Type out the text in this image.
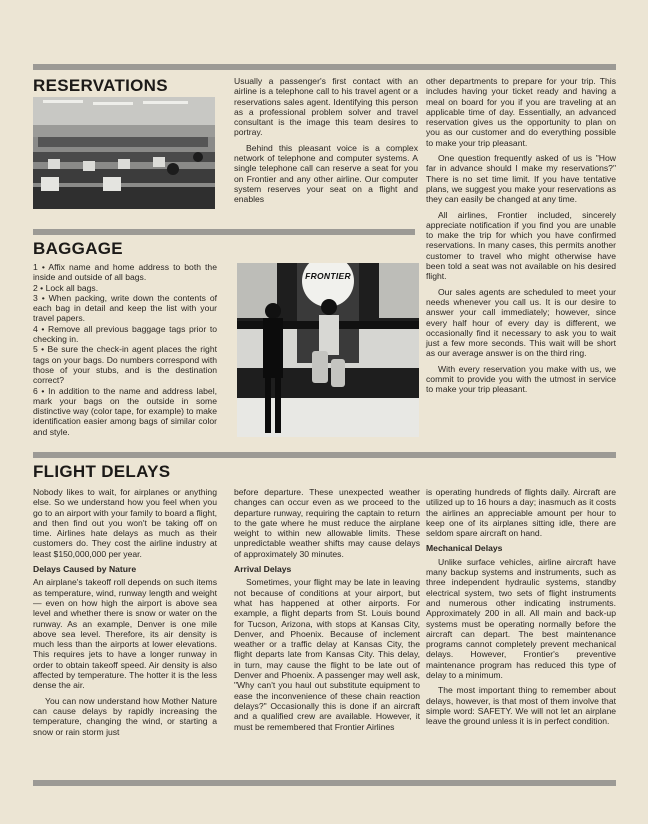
RESERVATIONS	Usually a passenger's first contact with an airline is a telephone call to his travel agent or a reservations sales agent. Identifying this person as a professional problem solver and travel consultant is the image this team desires to portray.

Behind this pleasant voice is a complex network of telephone and computer systems. A single telephone call can reserve a seat for you on Frontier and any other airline. Our computer system reserves your seat on a flight and enables

other departments to prepare for your trip. This includes having your ticket ready and having a meal on board for you if you are traveling at an applicable time of day. Essentially, an advanced reservation gives us the opportunity to plan on you as our customer and do everything possible to make your trip pleasant.

One question frequently asked of us is "How far in advance should I make my reservations?" There is no set time limit. If you have tentative plans, we suggest you make your reservations as they can easily be changed at any time.

All airlines, Frontier included, sincerely appreciate notification if you find you are unable to make the trip for which you have confirmed reservations. In many cases, this permits another customer to travel who might otherwise have been told a seat was not available on his desired flight.

Our sales agents are scheduled to meet your needs whenever you call us. It is our desire to answer your call immediately; however, since every half hour of every day is different, we occasionally find it necessary to ask you to wait just a few more seconds. This wait will be short as our average answer is on the third ring.

With every reservation you make with us, we commit to provide you with the utmost in service to make your trip pleasant.

BAGGAGE
1 • Affix name and home address to both the inside and outside of all bags.
2 • Lock all bags.
3 • When packing, write down the contents of each bag in detail and keep the list with your travel papers.
4 • Remove all previous baggage tags prior to checking in.
5 • Be sure the check-in agent places the right tags on your bags. Do numbers correspond with those of your stubs, and is the destination correct?
6 • In addition to the name and address label, mark your bags on the outside in some distinctive way (color tape, for example) to make identification easier among bags of similar color and style.
FRONTIER
FLIGHT DELAYS

Nobody likes to wait, for airplanes or anything else. So we understand how you feel when you go to an airport with your family to board a flight, and then find out you won't be taking off on time. Airlines hate delays as much as their customers do. They cost the airline industry at least $150,000,000 per year.

Delays Caused by Nature

An airplane's takeoff roll depends on such items as temperature, wind, runway length and weight — even on how high the airport is above sea level and whether there is snow or water on the runway. As an example, Denver is one mile above sea level. Therefore, its air density is much less than the airports at lower elevations. This requires jets to have a longer runway in order to obtain takeoff speed. Air density is also affected by temperature. The hotter it is the less dense the air.

You can now understand how Mother Nature can cause delays by rapidly increasing the temperature, changing the wind, or starting a snow or rain storm just

before departure. These unexpected weather changes can occur even as we proceed to the departure runway, requiring the captain to return to the gate where he must reduce the airplane weight to within new allowable limits. These unpredictable weather shifts may cause delays of approximately 30 minutes.

Arrival Delays

Sometimes, your flight may be late in leaving not because of conditions at your airport, but what has happened at other airports. For example, a flight departs from St. Louis bound for Tucson, Arizona, with stops at Kansas City, Denver, and Phoenix. Because of inclement weather or a traffic delay at Kansas City, the flight departs late from Kansas City. This delay, in turn, may cause the flight to be late out of Denver and Phoenix. A passenger may well ask, "Why can't you haul out substitute equipment to ease the inconvenience of these chain reaction delays?" Occasionally this is done if an aircraft and a qualified crew are available. However, it must be remembered that Frontier Airlines

is operating hundreds of flights daily. Aircraft are utilized up to 16 hours a day; inasmuch as it costs the airlines an appreciable amount per hour to keep one of its airplanes sitting idle, there are seldom spare aircraft on hand.

Mechanical Delays

Unlike surface vehicles, airline aircraft have many backup systems and instruments, such as three independent hydraulic systems, standby electrical system, two sets of flight instruments and numerous other indicating instruments. Approximately 200 in all. All main and back-up systems must be operating normally before the aircraft can depart. The best maintenance programs cannot completely prevent mechanical delays. However, Frontier's preventive maintenance program has reduced this type of delay to a minimum.

The most important thing to remember about delays, however, is that most of them involve that simple word: SAFETY. We will not let an airplane leave the ground unless it is in perfect condition.
